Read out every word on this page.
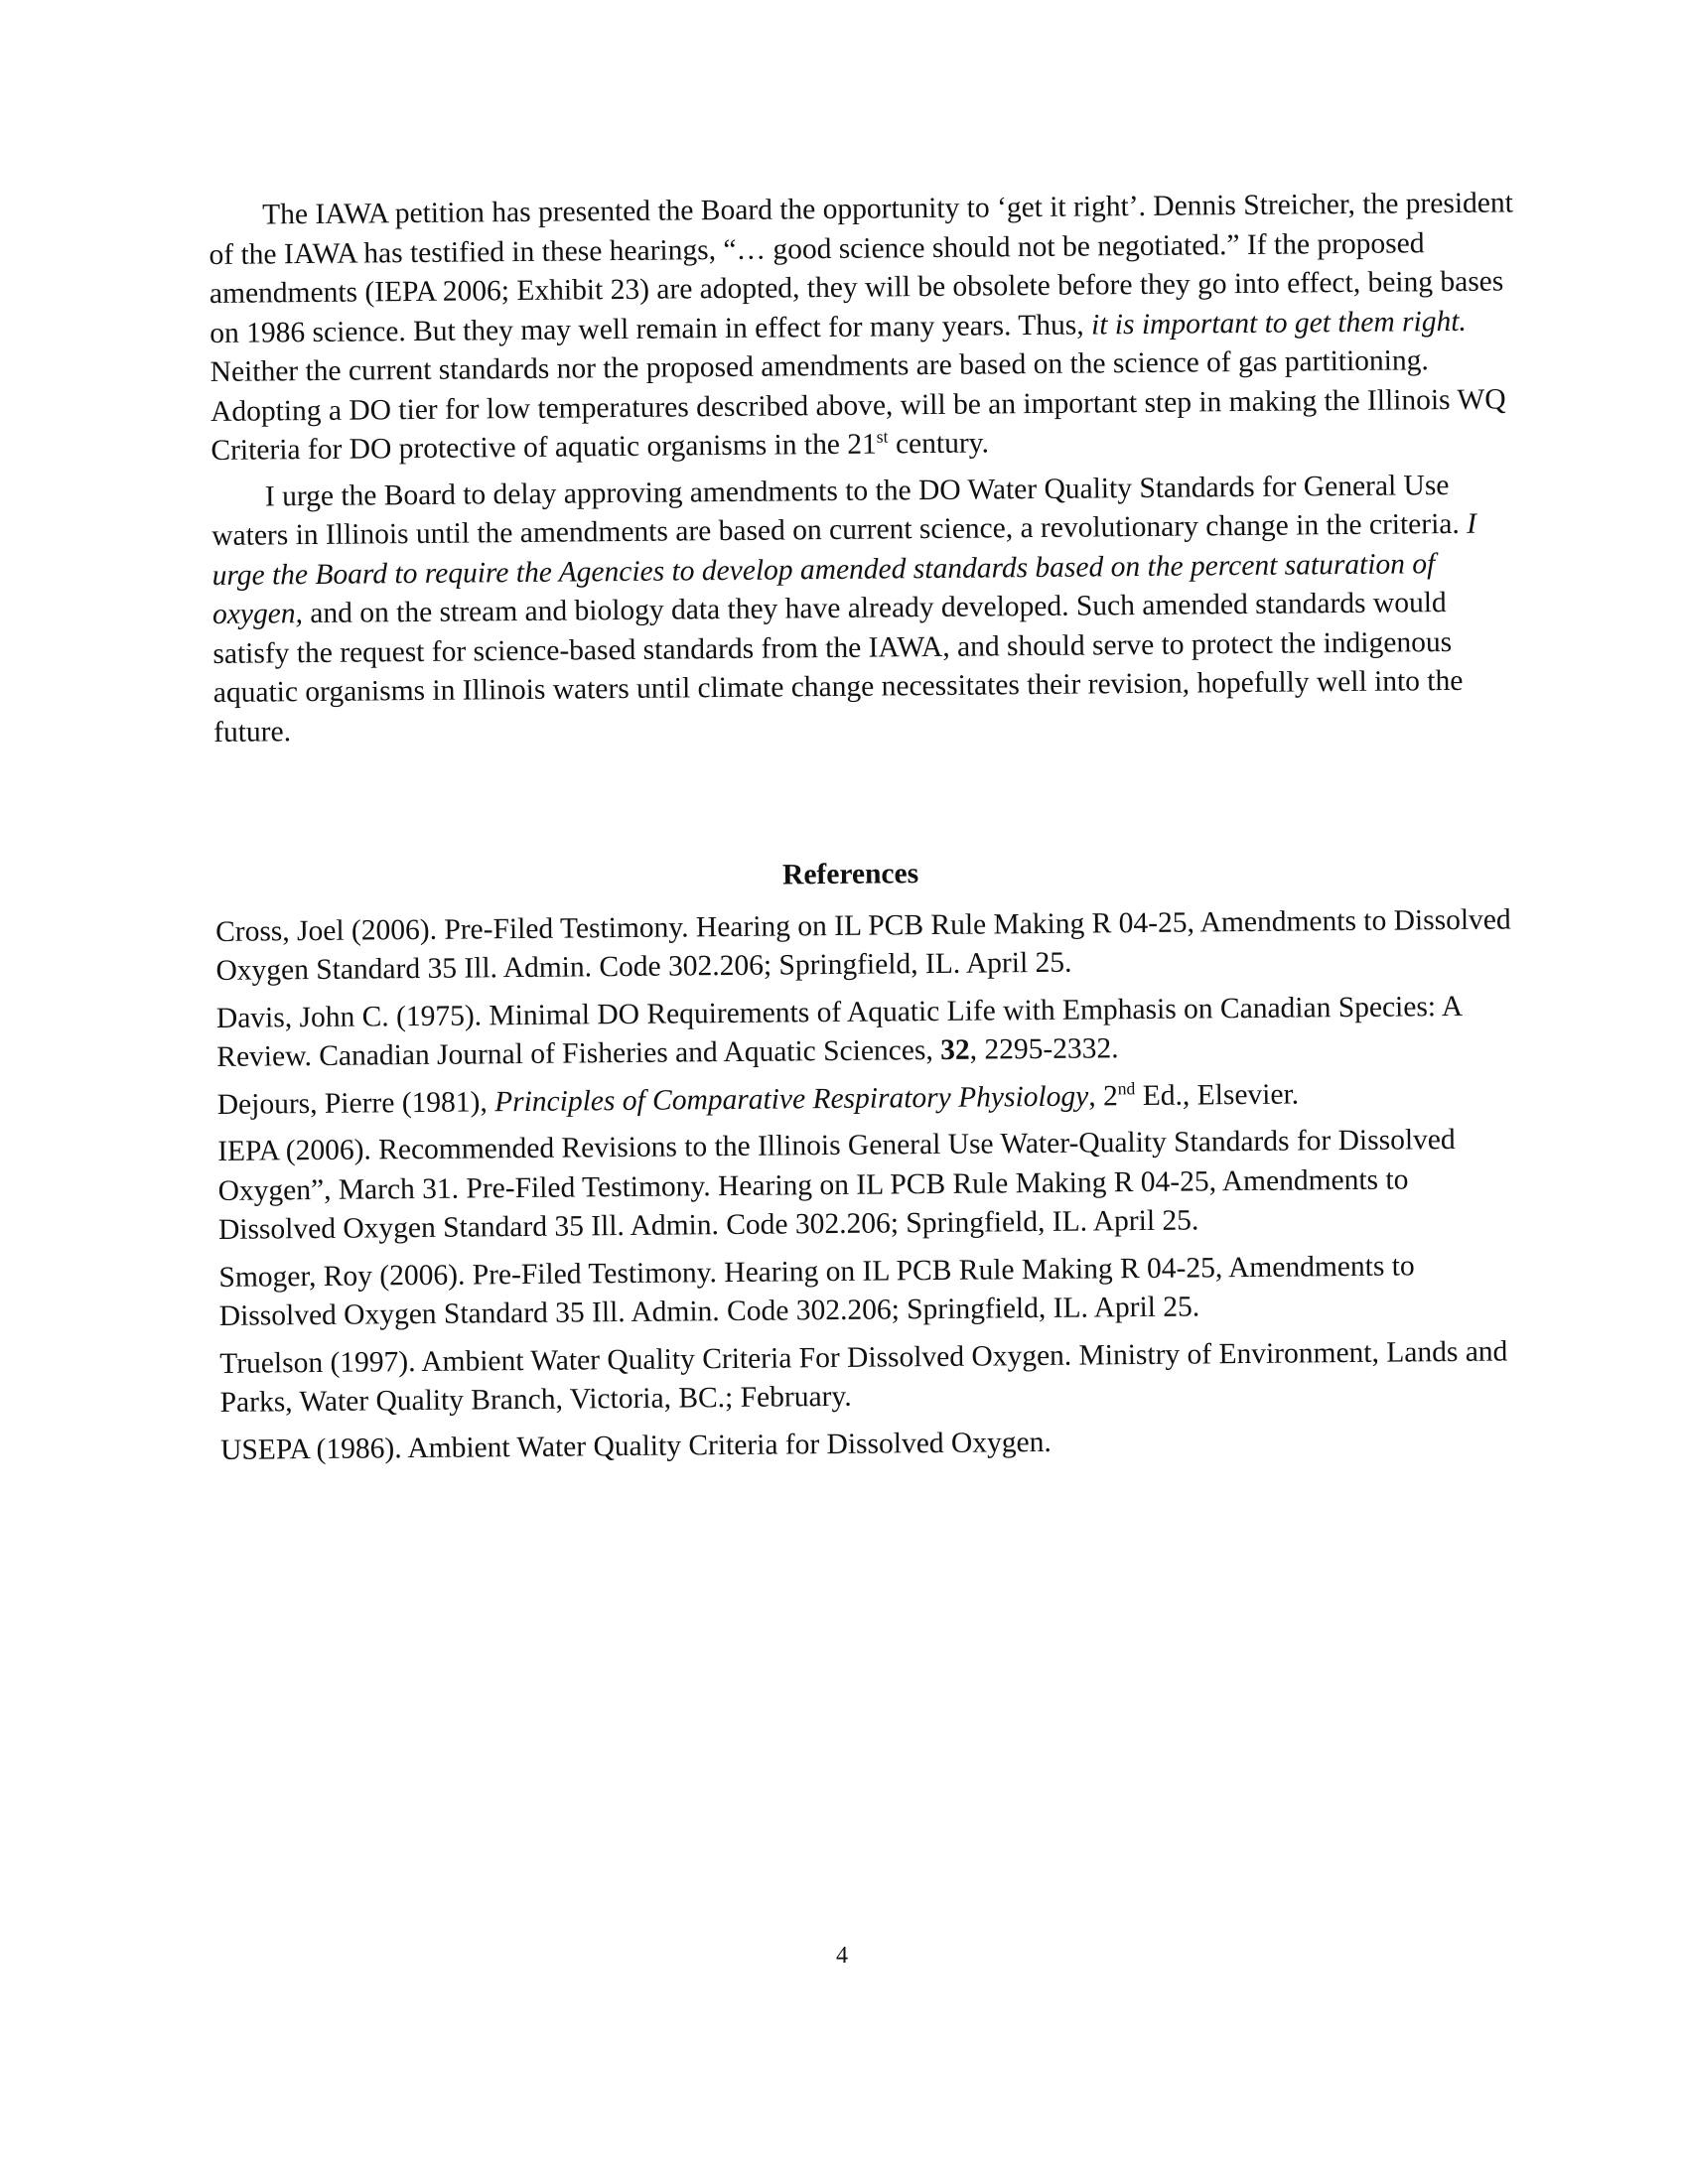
The IAWA petition has presented the Board the opportunity to ‘get it right’. Dennis Streicher, the president of the IAWA has testified in these hearings, “… good science should not be negotiated.” If the proposed amendments (IEPA 2006; Exhibit 23) are adopted, they will be obsolete before they go into effect, being bases on 1986 science. But they may well remain in effect for many years. Thus, it is important to get them right. Neither the current standards nor the proposed amendments are based on the science of gas partitioning. Adopting a DO tier for low temperatures described above, will be an important step in making the Illinois WQ Criteria for DO protective of aquatic organisms in the 21st century.

I urge the Board to delay approving amendments to the DO Water Quality Standards for General Use waters in Illinois until the amendments are based on current science, a revolutionary change in the criteria. I urge the Board to require the Agencies to develop amended standards based on the percent saturation of oxygen, and on the stream and biology data they have already developed. Such amended standards would satisfy the request for science-based standards from the IAWA, and should serve to protect the indigenous aquatic organisms in Illinois waters until climate change necessitates their revision, hopefully well into the future.

References

Cross, Joel (2006). Pre-Filed Testimony. Hearing on IL PCB Rule Making R 04-25, Amendments to Dissolved Oxygen Standard 35 Ill. Admin. Code 302.206; Springfield, IL. April 25.

Davis, John C. (1975). Minimal DO Requirements of Aquatic Life with Emphasis on Canadian Species: A Review. Canadian Journal of Fisheries and Aquatic Sciences, 32, 2295-2332.

Dejours, Pierre (1981), Principles of Comparative Respiratory Physiology, 2nd Ed., Elsevier.

IEPA (2006). Recommended Revisions to the Illinois General Use Water-Quality Standards for Dissolved Oxygen”, March 31. Pre-Filed Testimony. Hearing on IL PCB Rule Making R 04-25, Amendments to Dissolved Oxygen Standard 35 Ill. Admin. Code 302.206; Springfield, IL. April 25.

Smoger, Roy (2006). Pre-Filed Testimony. Hearing on IL PCB Rule Making R 04-25, Amendments to Dissolved Oxygen Standard 35 Ill. Admin. Code 302.206; Springfield, IL. April 25.

Truelson (1997). Ambient Water Quality Criteria For Dissolved Oxygen. Ministry of Environment, Lands and Parks, Water Quality Branch, Victoria, BC.; February.

USEPA (1986). Ambient Water Quality Criteria for Dissolved Oxygen.

4
